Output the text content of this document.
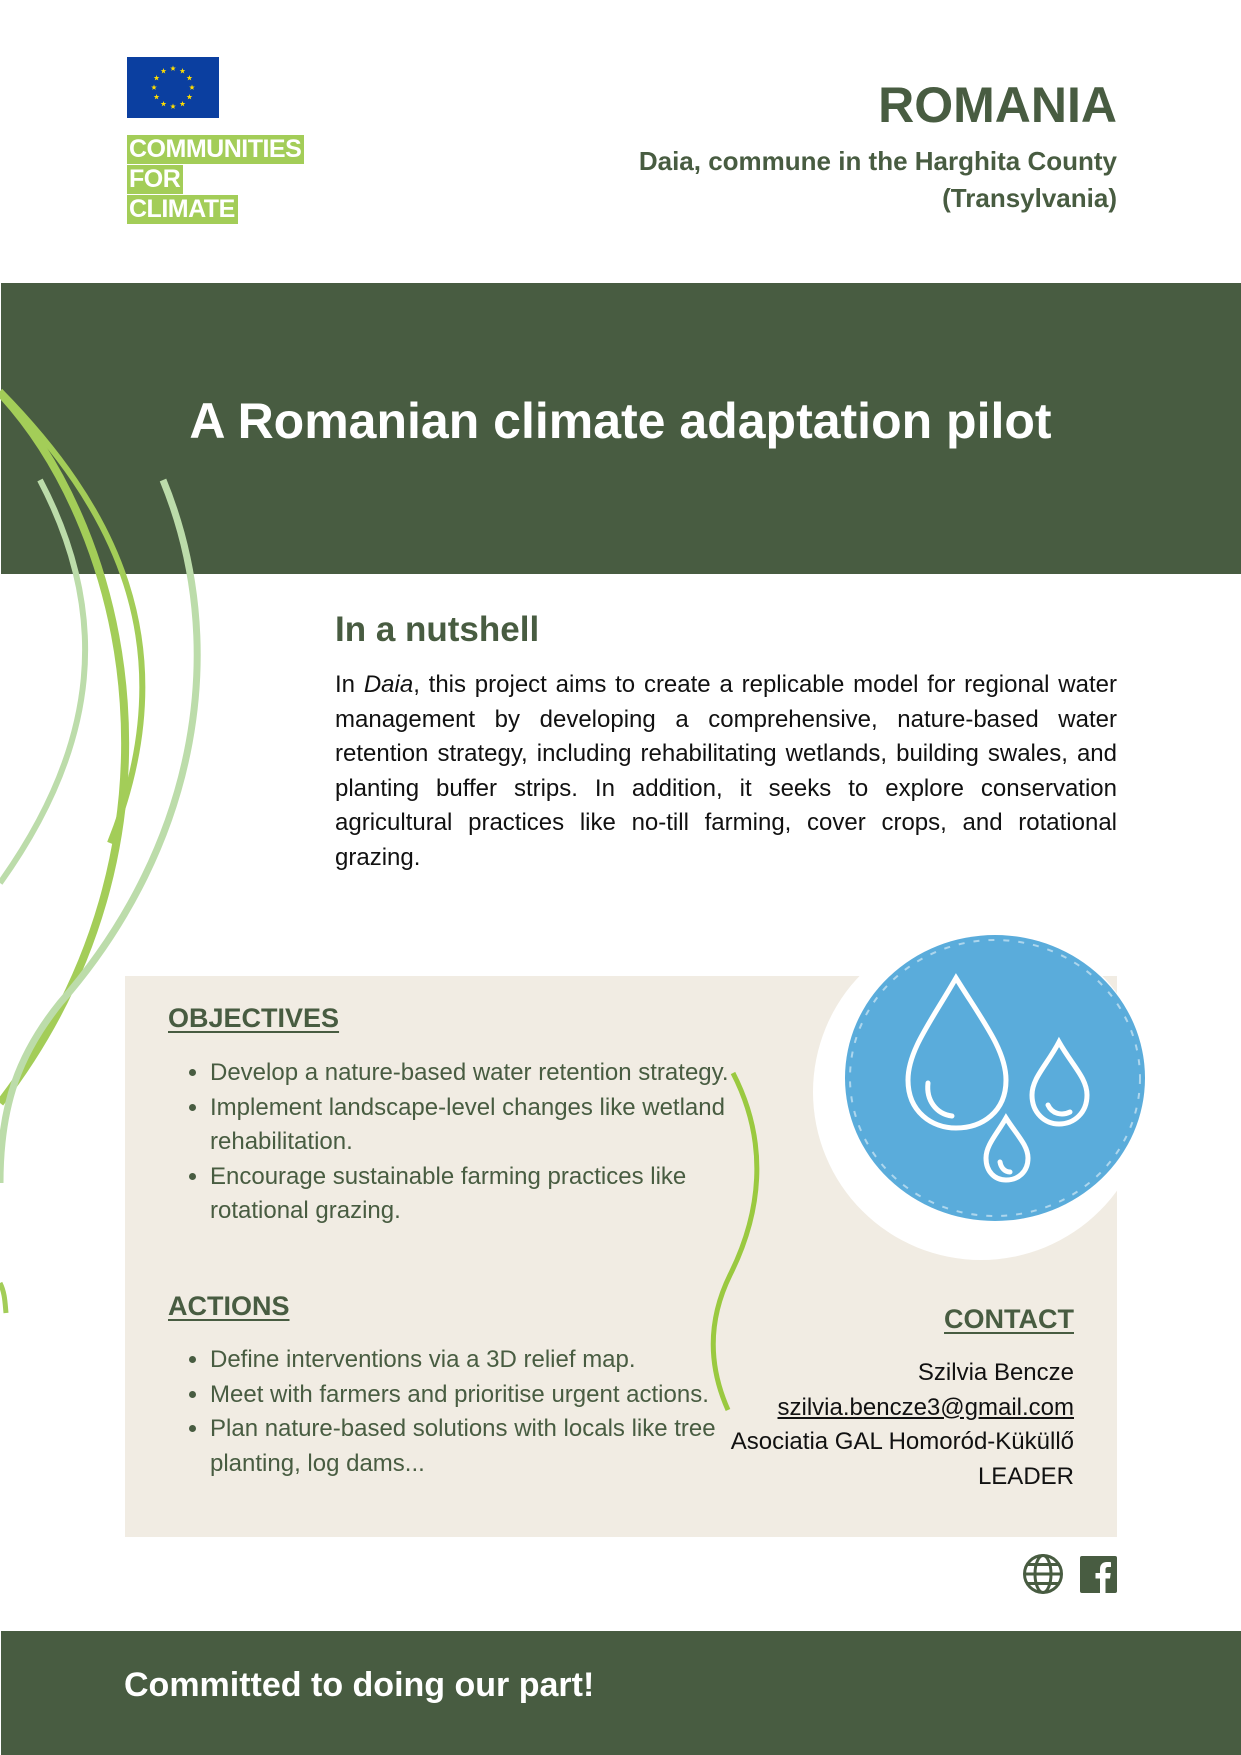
COMMUNITIES
FOR
CLIMATE
ROMANIA
Daia, commune in the Harghita County
(Transylvania)
A Romanian climate adaptation pilot
In a nutshell
In Daia, this project aims to create a replicable model for regional water management by developing a comprehensive, nature-based water retention strategy, including rehabilitating wetlands, building swales, and planting buffer strips. In addition, it seeks to explore conservation agricultural practices like no-till farming, cover crops, and rotational grazing.
OBJECTIVES
• Develop a nature-based water retention strategy.
• Implement landscape-level changes like wetland rehabilitation.
• Encourage sustainable farming practices like rotational grazing.
ACTIONS
• Define interventions via a 3D relief map.
• Meet with farmers and prioritise urgent actions.
• Plan nature-based solutions with locals like tree planting, log dams...
CONTACT
Szilvia Bencze
szilvia.bencze3@gmail.com
Asociatia GAL Homoród-Küküllő
LEADER
Committed to doing our part!
